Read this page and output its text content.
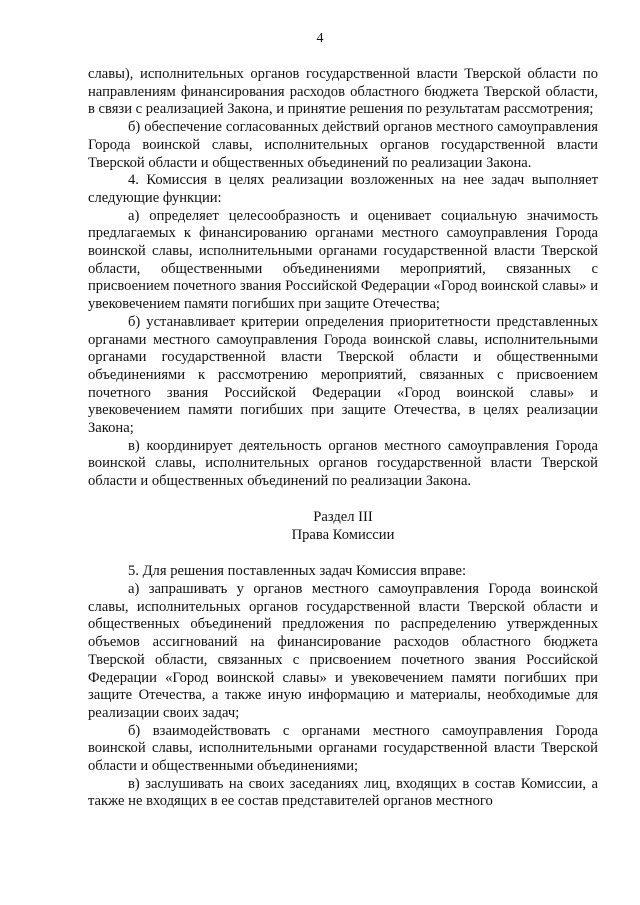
4

славы), исполнительных органов государственной власти Тверской области по направлениям финансирования расходов областного бюджета Тверской области, в связи с реализацией Закона, и принятие решения по результатам рассмотрения;

б) обеспечение согласованных действий органов местного самоуправления Города воинской славы, исполнительных органов государственной власти Тверской области и общественных объединений по реализации Закона.

4. Комиссия в целях реализации возложенных на нее задач выполняет следующие функции:

а) определяет целесообразность и оценивает социальную значимость предлагаемых к финансированию органами местного самоуправления Города воинской славы, исполнительными органами государственной власти Тверской области, общественными объединениями мероприятий, связанных с присвоением почетного звания Российской Федерации «Город воинской славы» и увековечением памяти погибших при защите Отечества;

б) устанавливает критерии определения приоритетности представленных органами местного самоуправления Города воинской славы, исполнительными органами государственной власти Тверской области и общественными объединениями к рассмотрению мероприятий, связанных с присвоением почетного звания Российской Федерации «Город воинской славы» и увековечением памяти погибших при защите Отечества, в целях реализации Закона;

в) координирует деятельность органов местного самоуправления Города воинской славы, исполнительных органов государственной власти Тверской области и общественных объединений по реализации Закона.

Раздел III
Права Комиссии

5. Для решения поставленных задач Комиссия вправе:

а) запрашивать у органов местного самоуправления Города воинской славы, исполнительных органов государственной власти Тверской области и общественных объединений предложения по распределению утвержденных объемов ассигнований на финансирование расходов областного бюджета Тверской области, связанных с присвоением почетного звания Российской Федерации «Город воинской славы» и увековечением памяти погибших при защите Отечества, а также иную информацию и материалы, необходимые для реализации своих задач;

б) взаимодействовать с органами местного самоуправления Города воинской славы, исполнительными органами государственной власти Тверской области и общественными объединениями;

в) заслушивать на своих заседаниях лиц, входящих в состав Комиссии, а также не входящих в ее состав представителей органов местного
